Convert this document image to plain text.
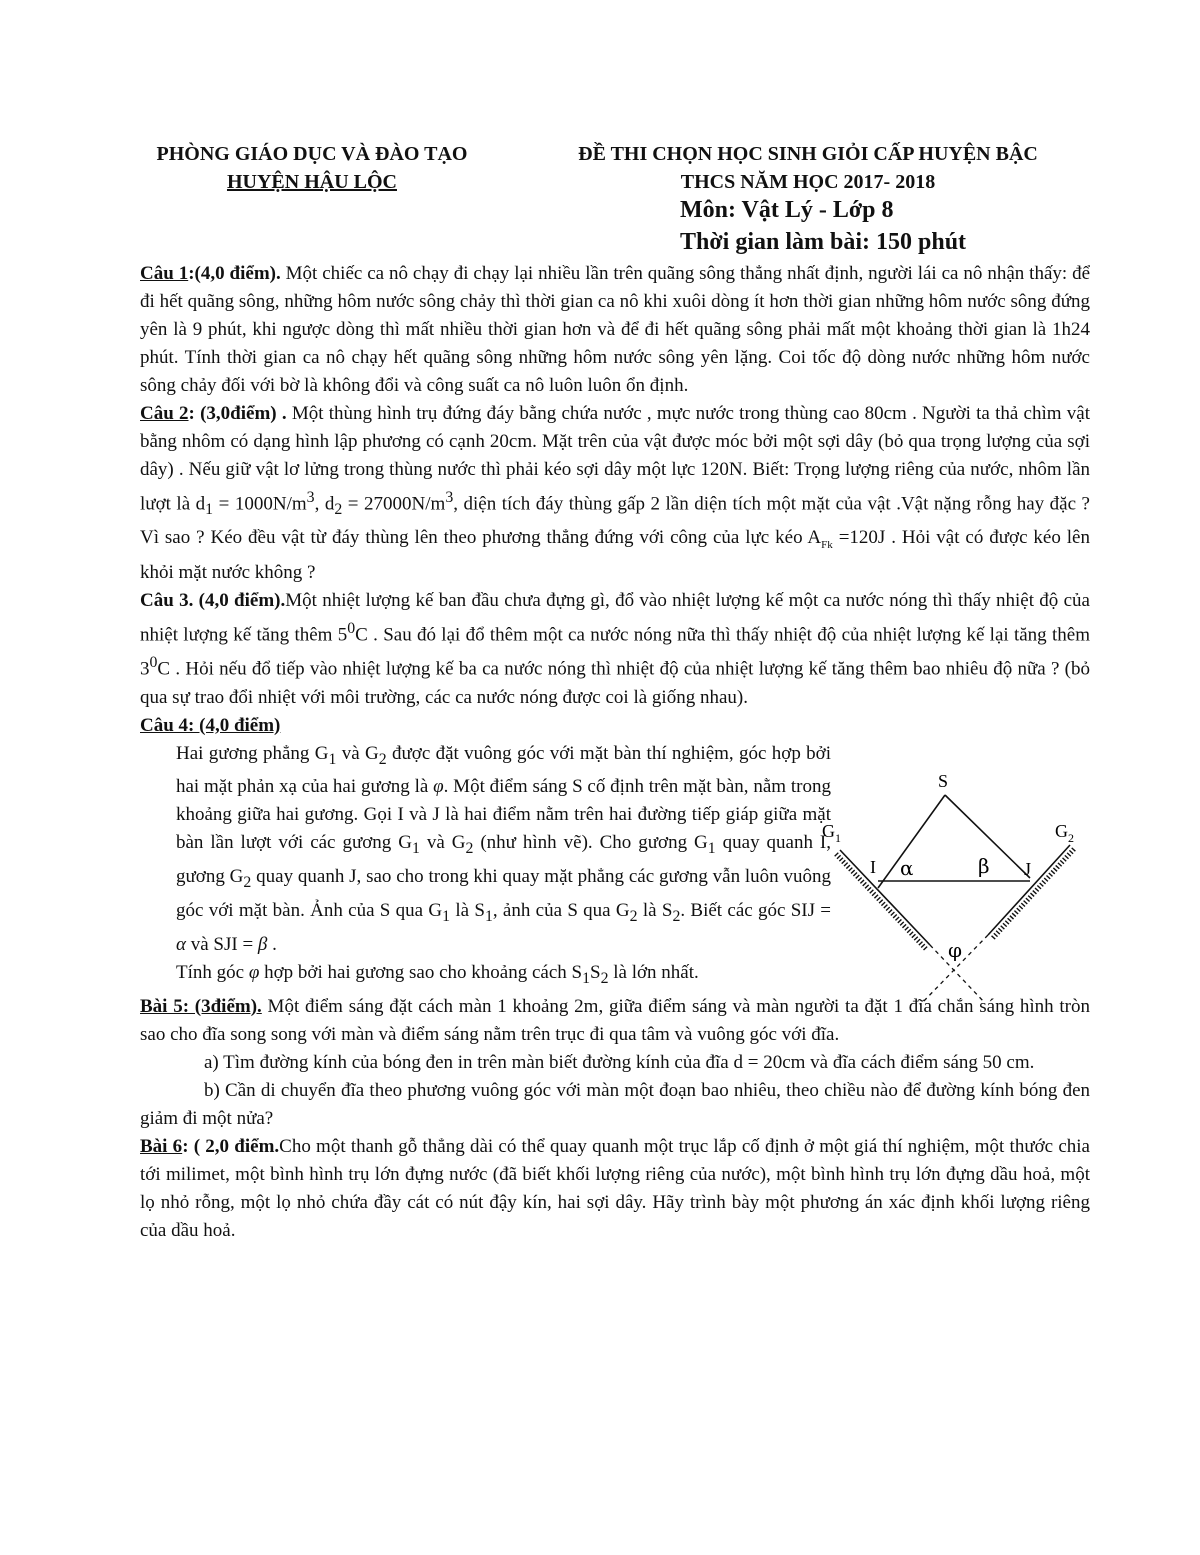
PHÒNG GIÁO DỤC VÀ ĐÀO TẠO
HUYỆN HẬU LỘC
ĐỀ THI CHỌN HỌC SINH GIỎI CẤP HUYỆN BẬC
THCS NĂM HỌC 2017- 2018
Môn: Vật Lý - Lớp 8
Thời gian làm bài: 150 phút

Câu 1:(4,0 điểm). Một chiếc ca nô chạy đi chạy lại nhiều lần trên quãng sông thẳng nhất định, người lái ca nô nhận thấy: để đi hết quãng sông, những hôm nước sông chảy thì thời gian ca nô khi xuôi dòng ít hơn thời gian những hôm nước sông đứng yên là 9 phút, khi ngược dòng thì mất nhiều thời gian hơn và để đi hết quãng sông phải mất một khoảng thời gian là 1h24 phút. Tính thời gian ca nô chạy hết quãng sông những hôm nước sông yên lặng. Coi tốc độ dòng nước những hôm nước sông chảy đối với bờ là không đổi và công suất ca nô luôn luôn ổn định.

Câu 2: (3,0điểm) . Một thùng hình trụ đứng đáy bằng chứa nước , mực nước trong thùng cao 80cm . Người ta thả chìm vật bằng nhôm có dạng hình lập phương có cạnh 20cm. Mặt trên của vật được móc bởi một sợi dây (bỏ qua trọng lượng của sợi dây) . Nếu giữ vật lơ lửng trong thùng nước thì phải kéo sợi dây một lực 120N. Biết: Trọng lượng riêng của nước, nhôm lần lượt là $d_1 = 1000N/m^3$, $d_2 = 27000N/m^3$, diện tích đáy thùng gấp 2 lần diện tích một mặt của vật .Vật nặng rỗng hay đặc ? Vì sao ? Kéo đều vật từ đáy thùng lên theo phương thẳng đứng với công của lực kéo $A_{Fk} =120J$ . Hỏi vật có được kéo lên khỏi mặt nước không ?

Câu 3. (4,0 điểm).Một nhiệt lượng kế ban đầu chưa đựng gì, đổ vào nhiệt lượng kế một ca nước nóng thì thấy nhiệt độ của nhiệt lượng kế tăng thêm $5^0C$ . Sau đó lại đổ thêm một ca nước nóng nữa thì thấy nhiệt độ của nhiệt lượng kế lại tăng thêm $3^0C$ . Hỏi nếu đổ tiếp vào nhiệt lượng kế ba ca nước nóng thì nhiệt độ của nhiệt lượng kế tăng thêm bao nhiêu độ nữa ? (bỏ qua sự trao đổi nhiệt với môi trường, các ca nước nóng được coi là giống nhau).

Câu 4: (4,0 điểm)

Hai gương phẳng $G_1$ và $G_2$ được đặt vuông góc với mặt bàn thí nghiệm, góc hợp bởi hai mặt phản xạ của hai gương là φ. Một điểm sáng S cố định trên mặt bàn, nằm trong khoảng giữa hai gương. Gọi I và J là hai điểm nằm trên hai đường tiếp giáp giữa mặt bàn lần lượt với các gương $G_1$ và $G_2$ (như hình vẽ). Cho gương $G_1$ quay quanh I, gương $G_2$ quay quanh J, sao cho trong khi quay mặt phẳng các gương vẫn luôn vuông góc với mặt bàn. Ảnh của S qua $G_1$ là $S_1$, ảnh của S qua $G_2$ là $S_2$. Biết các góc SIJ = α và SJI = β .

Tính góc φ hợp bởi hai gương sao cho khoảng cách $S_1S_2$ là lớn nhất.

Bài 5: (3điểm). Một điểm sáng đặt cách màn 1 khoảng 2m, giữa điểm sáng và màn người ta đặt 1 đĩa chắn sáng hình tròn sao cho đĩa song song với màn và điểm sáng nằm trên trục đi qua tâm và vuông góc với đĩa.

a) Tìm đường kính của bóng đen in trên màn biết đường kính của đĩa d = 20cm và đĩa cách điểm sáng 50 cm.

b) Cần di chuyển đĩa theo phương vuông góc với màn một đoạn bao nhiêu, theo chiều nào để đường kính bóng đen giảm đi một nửa?

Bài 6: ( 2,0 điểm.Cho một thanh gỗ thẳng dài có thể quay quanh một trục lắp cố định ở một giá thí nghiệm, một thước chia tới milimet, một bình hình trụ lớn đựng nước (đã biết khối lượng riêng của nước), một bình hình trụ lớn đựng dầu hoả, một lọ nhỏ rỗng, một lọ nhỏ chứa đầy cát có nút đậy kín, hai sợi dây. Hãy trình bày một phương án xác định khối lượng riêng của dầu hoả.

S
$G_1$	$G_2$
I	J
α	β
φ
